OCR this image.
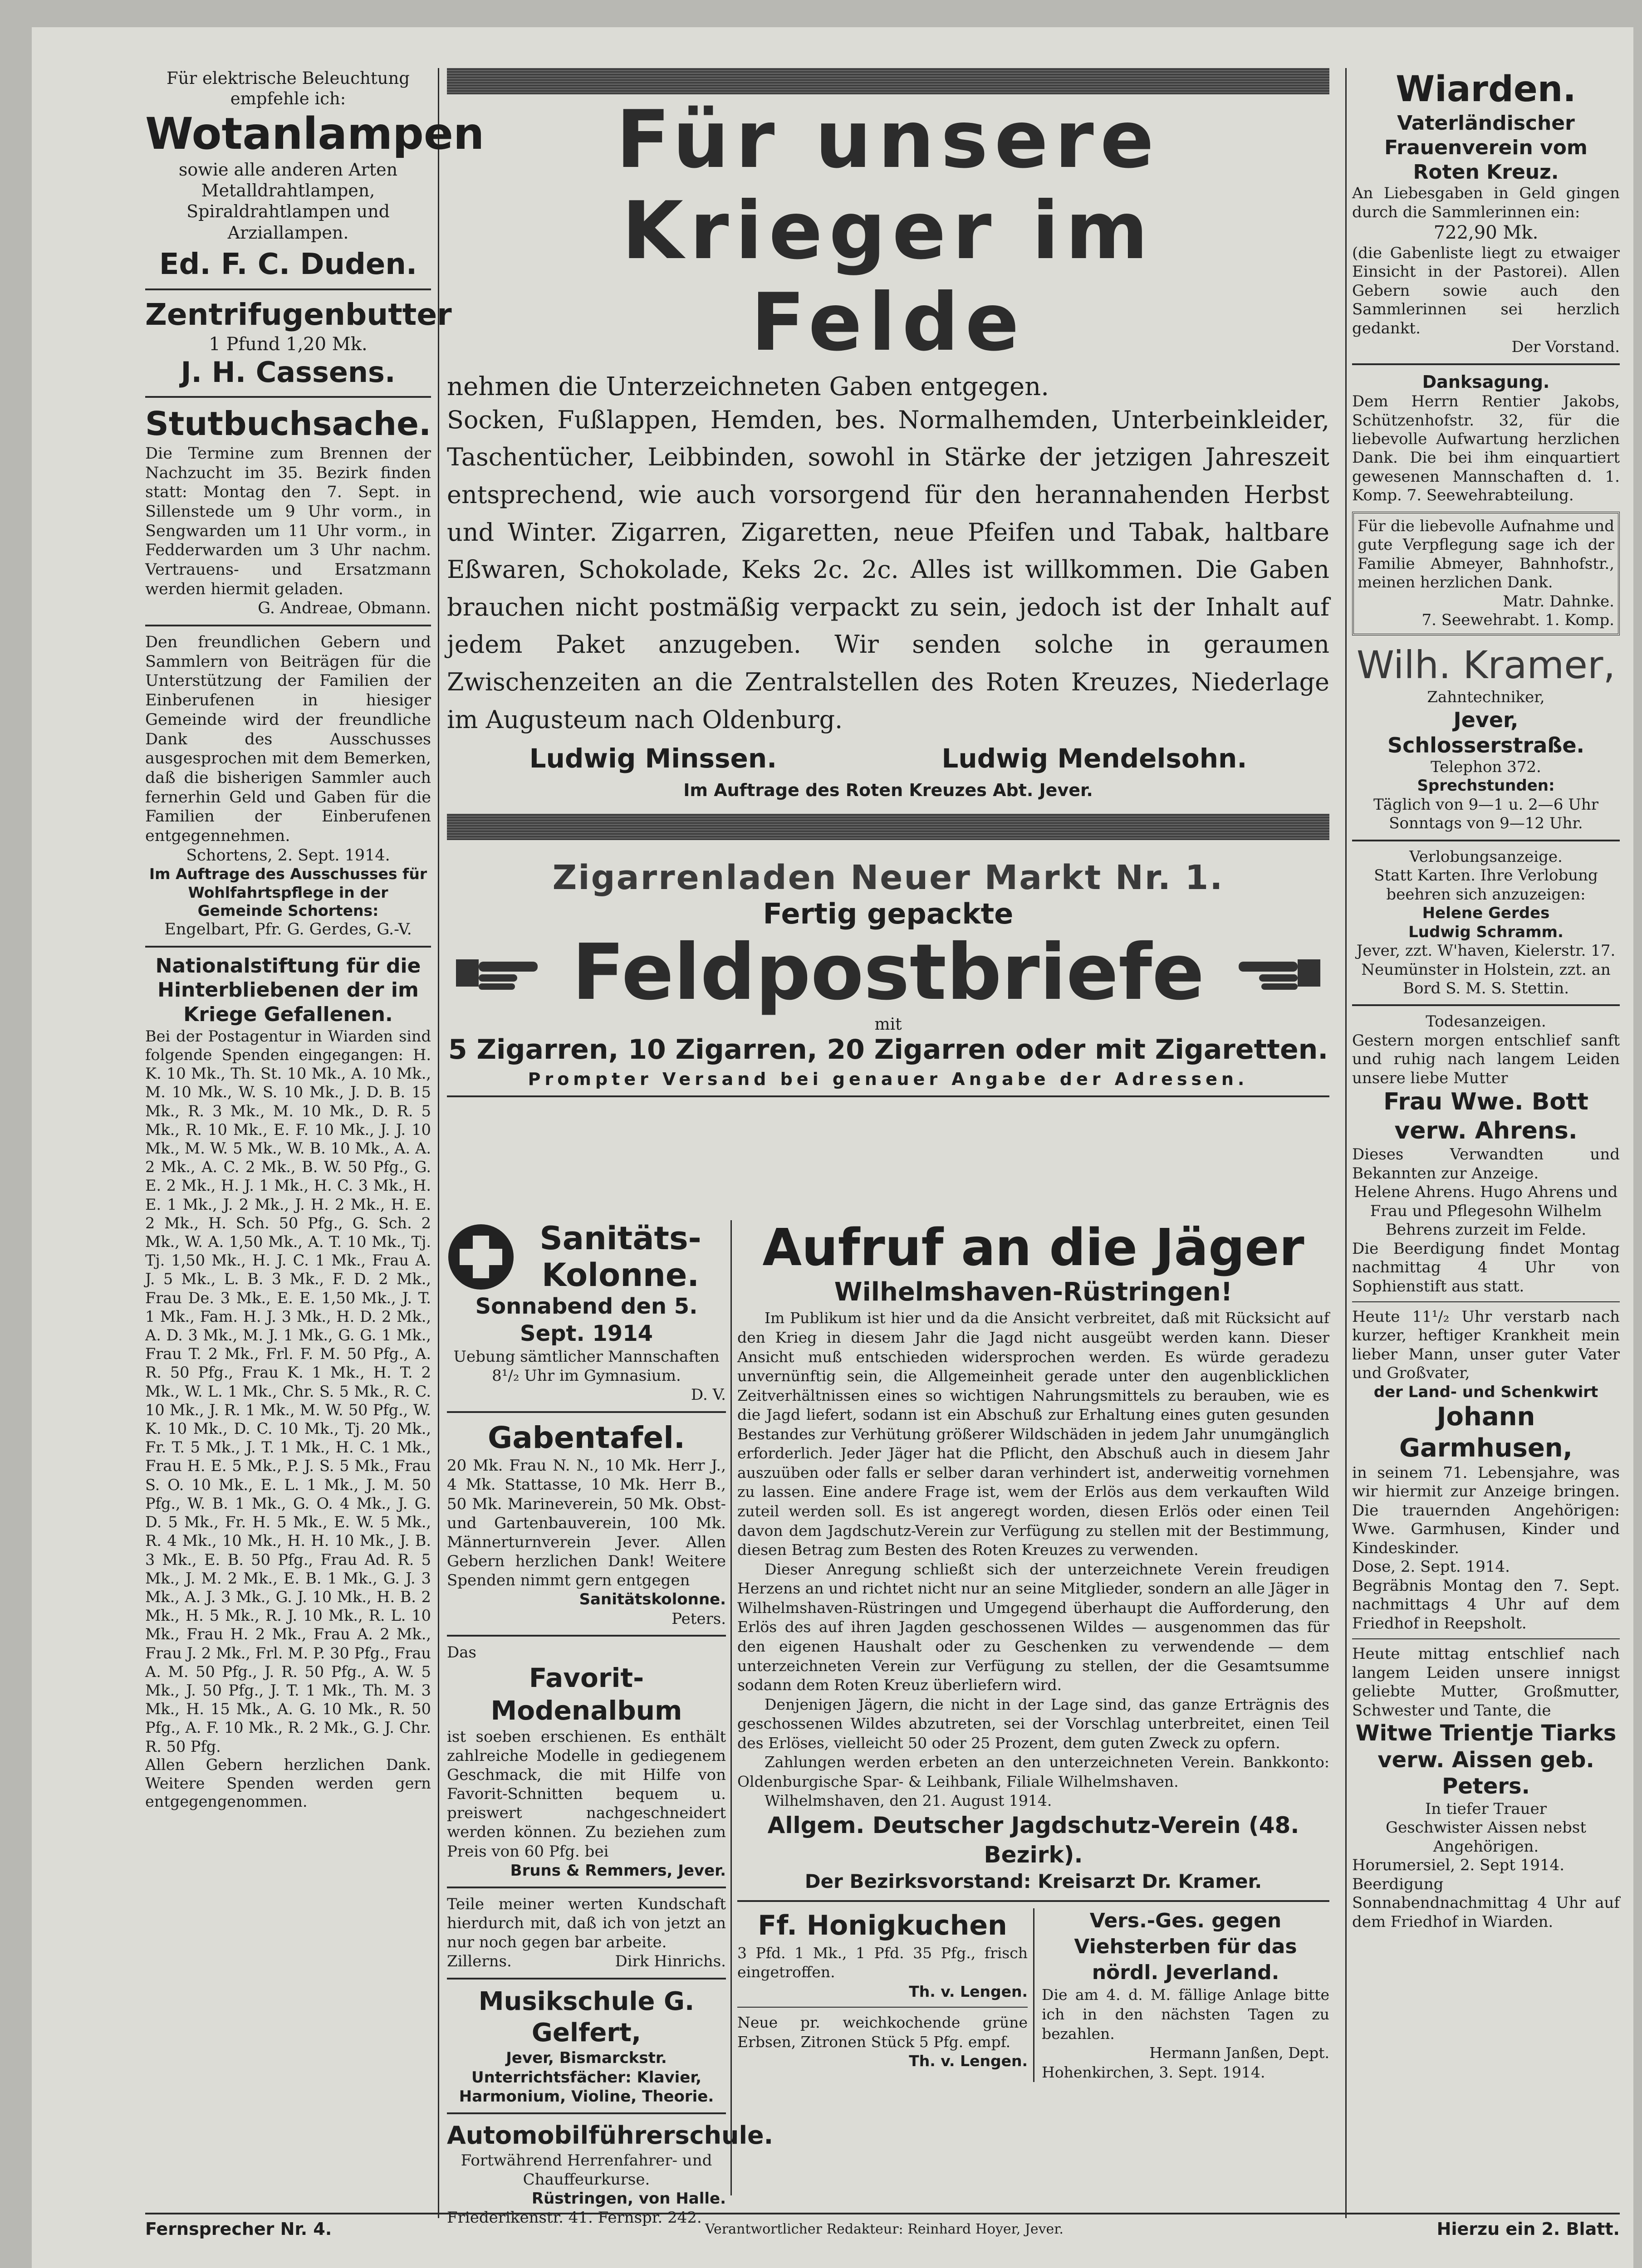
Für elektrische Beleuchtung empfehle ich:

Wotanlampen

sowie alle anderen Arten Metalldrahtlampen, Spiraldrahtlampen und Arziallampen.

Ed. F. C. Duden.

Zentrifugenbutter

1 Pfund 1,20 Mk.

J. H. Cassens.

Stutbuchsache.

Die Termine zum Brennen der Nachzucht im 35. Bezirk finden statt: Montag den 7. Sept. in Sillenstede um 9 Uhr vorm., in Sengwarden um 11 Uhr vorm., in Fedderwarden um 3 Uhr nachm. Vertrauens- und Ersatzmann werden hiermit geladen.

G. Andreae, Obmann.

Den freundlichen Gebern und Sammlern von Beiträgen für die Unterstützung der Familien der Einberufenen in hiesiger Gemeinde wird der freundliche Dank des Ausschusses ausgesprochen mit dem Bemerken, daß die bisherigen Sammler auch fernerhin Geld und Gaben für die Familien der Einberufenen entgegennehmen.

Schortens, 2. Sept. 1914.

Im Auftrage des Ausschusses für Wohlfahrtspflege in der Gemeinde Schortens:

Engelbart, Pfr. G. Gerdes, G.-V.

Nationalstiftung für die Hinterbliebenen der im Kriege Gefallenen.

Bei der Postagentur in Wiarden sind folgende Spenden eingegangen: H. K. 10 Mk., Th. St. 10 Mk., A. 10 Mk., M. 10 Mk., W. S. 10 Mk., J. D. B. 15 Mk., R. 3 Mk., M. 10 Mk., D. R. 5 Mk., R. 10 Mk., E. F. 10 Mk., J. J. 10 Mk., M. W. 5 Mk., W. B. 10 Mk., A. A. 2 Mk., A. C. 2 Mk., B. W. 50 Pfg., G. E. 2 Mk., H. J. 1 Mk., H. C. 3 Mk., H. E. 1 Mk., J. 2 Mk., J. H. 2 Mk., H. E. 2 Mk., H. Sch. 50 Pfg., G. Sch. 2 Mk., W. A. 1,50 Mk., A. T. 10 Mk., Tj. Tj. 1,50 Mk., H. J. C. 1 Mk., Frau A. J. 5 Mk., L. B. 3 Mk., F. D. 2 Mk., Frau De. 3 Mk., E. E. 1,50 Mk., J. T. 1 Mk., Fam. H. J. 3 Mk., H. D. 2 Mk., A. D. 3 Mk., M. J. 1 Mk., G. G. 1 Mk., Frau T. 2 Mk., Frl. F. M. 50 Pfg., A. R. 50 Pfg., Frau K. 1 Mk., H. T. 2 Mk., W. L. 1 Mk., Chr. S. 5 Mk., R. C. 10 Mk., J. R. 1 Mk., M. W. 50 Pfg., W. K. 10 Mk., D. C. 10 Mk., Tj. 20 Mk., Fr. T. 5 Mk., J. T. 1 Mk., H. C. 1 Mk., Frau H. E. 5 Mk., P. J. S. 5 Mk., Frau S. O. 10 Mk., E. L. 1 Mk., J. M. 50 Pfg., W. B. 1 Mk., G. O. 4 Mk., J. G. D. 5 Mk., Fr. H. 5 Mk., E. W. 5 Mk., R. 4 Mk., 10 Mk., H. H. 10 Mk., J. B. 3 Mk., E. B. 50 Pfg., Frau Ad. R. 5 Mk., J. M. 2 Mk., E. B. 1 Mk., G. J. 3 Mk., A. J. 3 Mk., G. J. 10 Mk., H. B. 2 Mk., H. 5 Mk., R. J. 10 Mk., R. L. 10 Mk., Frau H. 2 Mk., Frau A. 2 Mk., Frau J. 2 Mk., Frl. M. P. 30 Pfg., Frau A. M. 50 Pfg., J. R. 50 Pfg., A. W. 5 Mk., J. 50 Pfg., J. T. 1 Mk., Th. M. 3 Mk., H. 15 Mk., A. G. 10 Mk., R. 50 Pfg., A. F. 10 Mk., R. 2 Mk., G. J. Chr. R. 50 Pfg.

Allen Gebern herzlichen Dank. Weitere Spenden werden gern entgegengenommen.

Für unsere Krieger im Felde

nehmen die Unterzeichneten Gaben entgegen.

Socken, Fußlappen, Hemden, bes. Normalhemden, Unterbeinkleider, Taschentücher, Leibbinden, sowohl in Stärke der jetzigen Jahreszeit entsprechend, wie auch vorsorgend für den herannahenden Herbst und Winter. Zigarren, Zigaretten, neue Pfeifen und Tabak, haltbare Eßwaren, Schokolade, Keks 2c. 2c. Alles ist willkommen. Die Gaben brauchen nicht postmäßig verpackt zu sein, jedoch ist der Inhalt auf jedem Paket anzugeben. Wir senden solche in geraumen Zwischenzeiten an die Zentralstellen des Roten Kreuzes, Niederlage im Augusteum nach Oldenburg.

Ludwig Minssen.	Ludwig Mendelsohn.

Im Auftrage des Roten Kreuzes Abt. Jever.

Zigarrenladen Neuer Markt Nr. 1.

Fertig gepackte

Feldpostbriefe

mit

5 Zigarren, 10 Zigarren, 20 Zigarren oder mit Zigaretten.

Prompter Versand bei genauer Angabe der Adressen.

Sanitäts-Kolonne.

Sonnabend den 5. Sept. 1914

Uebung sämtlicher Mannschaften 8¹/₂ Uhr im Gymnasium.

D. V.

Gabentafel.

20 Mk. Frau N. N., 10 Mk. Herr J., 4 Mk. Stattasse, 10 Mk. Herr B., 50 Mk. Marineverein, 50 Mk. Obst- und Gartenbauverein, 100 Mk. Männerturnverein Jever. Allen Gebern herzlichen Dank! Weitere Spenden nimmt gern entgegen

Sanitätskolonne.

Peters.

Das

Favorit-Modenalbum

ist soeben erschienen. Es enthält zahlreiche Modelle in gediegenem Geschmack, die mit Hilfe von Favorit-Schnitten bequem u. preiswert nachgeschneidert werden können. Zu beziehen zum Preis von 60 Pfg. bei

Bruns & Remmers, Jever.

Teile meiner werten Kundschaft hierdurch mit, daß ich von jetzt an nur noch gegen bar arbeite.

Zillerns.	Dirk Hinrichs.

Musikschule G. Gelfert,

Jever, Bismarckstr.

Unterrichtsfächer: Klavier, Harmonium, Violine, Theorie.

Automobilführerschule.

Fortwährend Herrenfahrer- und Chauffeurkurse.

Rüstringen, von Halle.

Friederikenstr. 41. Fernspr. 242.

Aufruf an die Jäger

Wilhelmshaven-Rüstringen!

Im Publikum ist hier und da die Ansicht verbreitet, daß mit Rücksicht auf den Krieg in diesem Jahr die Jagd nicht ausgeübt werden kann. Dieser Ansicht muß entschieden widersprochen werden. Es würde geradezu unvernünftig sein, die Allgemeinheit gerade unter den augenblicklichen Zeitverhältnissen eines so wichtigen Nahrungsmittels zu berauben, wie es die Jagd liefert, sodann ist ein Abschuß zur Erhaltung eines guten gesunden Bestandes zur Verhütung größerer Wildschäden in jedem Jahr unumgänglich erforderlich. Jeder Jäger hat die Pflicht, den Abschuß auch in diesem Jahr auszuüben oder falls er selber daran verhindert ist, anderweitig vornehmen zu lassen. Eine andere Frage ist, wem der Erlös aus dem verkauften Wild zuteil werden soll. Es ist angeregt worden, diesen Erlös oder einen Teil davon dem Jagdschutz-Verein zur Verfügung zu stellen mit der Bestimmung, diesen Betrag zum Besten des Roten Kreuzes zu verwenden.

Dieser Anregung schließt sich der unterzeichnete Verein freudigen Herzens an und richtet nicht nur an seine Mitglieder, sondern an alle Jäger in Wilhelmshaven-Rüstringen und Umgegend überhaupt die Aufforderung, den Erlös des auf ihren Jagden geschossenen Wildes — ausgenommen das für den eigenen Haushalt oder zu Geschenken zu verwendende — dem unterzeichneten Verein zur Verfügung zu stellen, der die Gesamtsumme sodann dem Roten Kreuz überliefern wird.

Denjenigen Jägern, die nicht in der Lage sind, das ganze Erträgnis des geschossenen Wildes abzutreten, sei der Vorschlag unterbreitet, einen Teil des Erlöses, vielleicht 50 oder 25 Prozent, dem guten Zweck zu opfern.

Zahlungen werden erbeten an den unterzeichneten Verein. Bankkonto: Oldenburgische Spar- & Leihbank, Filiale Wilhelmshaven.

Wilhelmshaven, den 21. August 1914.

Allgem. Deutscher Jagdschutz-Verein (48. Bezirk).

Der Bezirksvorstand: Kreisarzt Dr. Kramer.

Ff. Honigkuchen

3 Pfd. 1 Mk., 1 Pfd. 35 Pfg., frisch eingetroffen.

Th. v. Lengen.

Neue pr. weichkochende grüne Erbsen, Zitronen Stück 5 Pfg. empf.

Th. v. Lengen.

Vers.-Ges. gegen Viehsterben für das nördl. Jeverland.

Die am 4. d. M. fällige Anlage bitte ich in den nächsten Tagen zu bezahlen.

Hermann Janßen, Dept.

Hohenkirchen, 3. Sept. 1914.

Wiarden.

Vaterländischer Frauenverein vom Roten Kreuz.

An Liebesgaben in Geld gingen durch die Sammlerinnen ein:

722,90 Mk.

(die Gabenliste liegt zu etwaiger Einsicht in der Pastorei). Allen Gebern sowie auch den Sammlerinnen sei herzlich gedankt.

Der Vorstand.

Danksagung.

Dem Herrn Rentier Jakobs, Schützenhofstr. 32, für die liebevolle Aufwartung herzlichen Dank. Die bei ihm einquartiert gewesenen Mannschaften d. 1. Komp. 7. Seewehrabteilung.

Für die liebevolle Aufnahme und gute Verpflegung sage ich der Familie Abmeyer, Bahnhofstr., meinen herzlichen Dank.

Matr. Dahnke.

7. Seewehrabt. 1. Komp.

Wilh. Kramer,

Zahntechniker,

Jever, Schlosserstraße.

Telephon 372.

Sprechstunden:

Täglich von 9—1 u. 2—6 Uhr Sonntags von 9—12 Uhr.

Verlobungsanzeige.

Statt Karten. Ihre Verlobung beehren sich anzuzeigen:

Helene Gerdes

Ludwig Schramm.

Jever, zzt. W'haven, Kielerstr. 17. Neumünster in Holstein, zzt. an Bord S. M. S. Stettin.

Todesanzeigen.

Gestern morgen entschlief sanft und ruhig nach langem Leiden unsere liebe Mutter

Frau Wwe. Bott verw. Ahrens.

Dieses Verwandten und Bekannten zur Anzeige.

Helene Ahrens. Hugo Ahrens und Frau und Pflegesohn Wilhelm Behrens zurzeit im Felde.

Die Beerdigung findet Montag nachmittag 4 Uhr von Sophienstift aus statt.

Heute 11¹/₂ Uhr verstarb nach kurzer, heftiger Krankheit mein lieber Mann, unser guter Vater und Großvater,

der Land- und Schenkwirt

Johann Garmhusen,

in seinem 71. Lebensjahre, was wir hiermit zur Anzeige bringen. Die trauernden Angehörigen: Wwe. Garmhusen, Kinder und Kindeskinder.

Dose, 2. Sept. 1914.

Begräbnis Montag den 7. Sept. nachmittags 4 Uhr auf dem Friedhof in Reepsholt.

Heute mittag entschlief nach langem Leiden unsere innigst geliebte Mutter, Großmutter, Schwester und Tante, die

Witwe Trientje Tiarks verw. Aissen geb. Peters.

In tiefer Trauer

Geschwister Aissen nebst Angehörigen.

Horumersiel, 2. Sept 1914.

Beerdigung Sonnabendnachmittag 4 Uhr auf dem Friedhof in Wiarden.

Fernsprecher Nr. 4.	Verantwortlicher Redakteur: Reinhard Hoyer, Jever.	Hierzu ein 2. Blatt.
